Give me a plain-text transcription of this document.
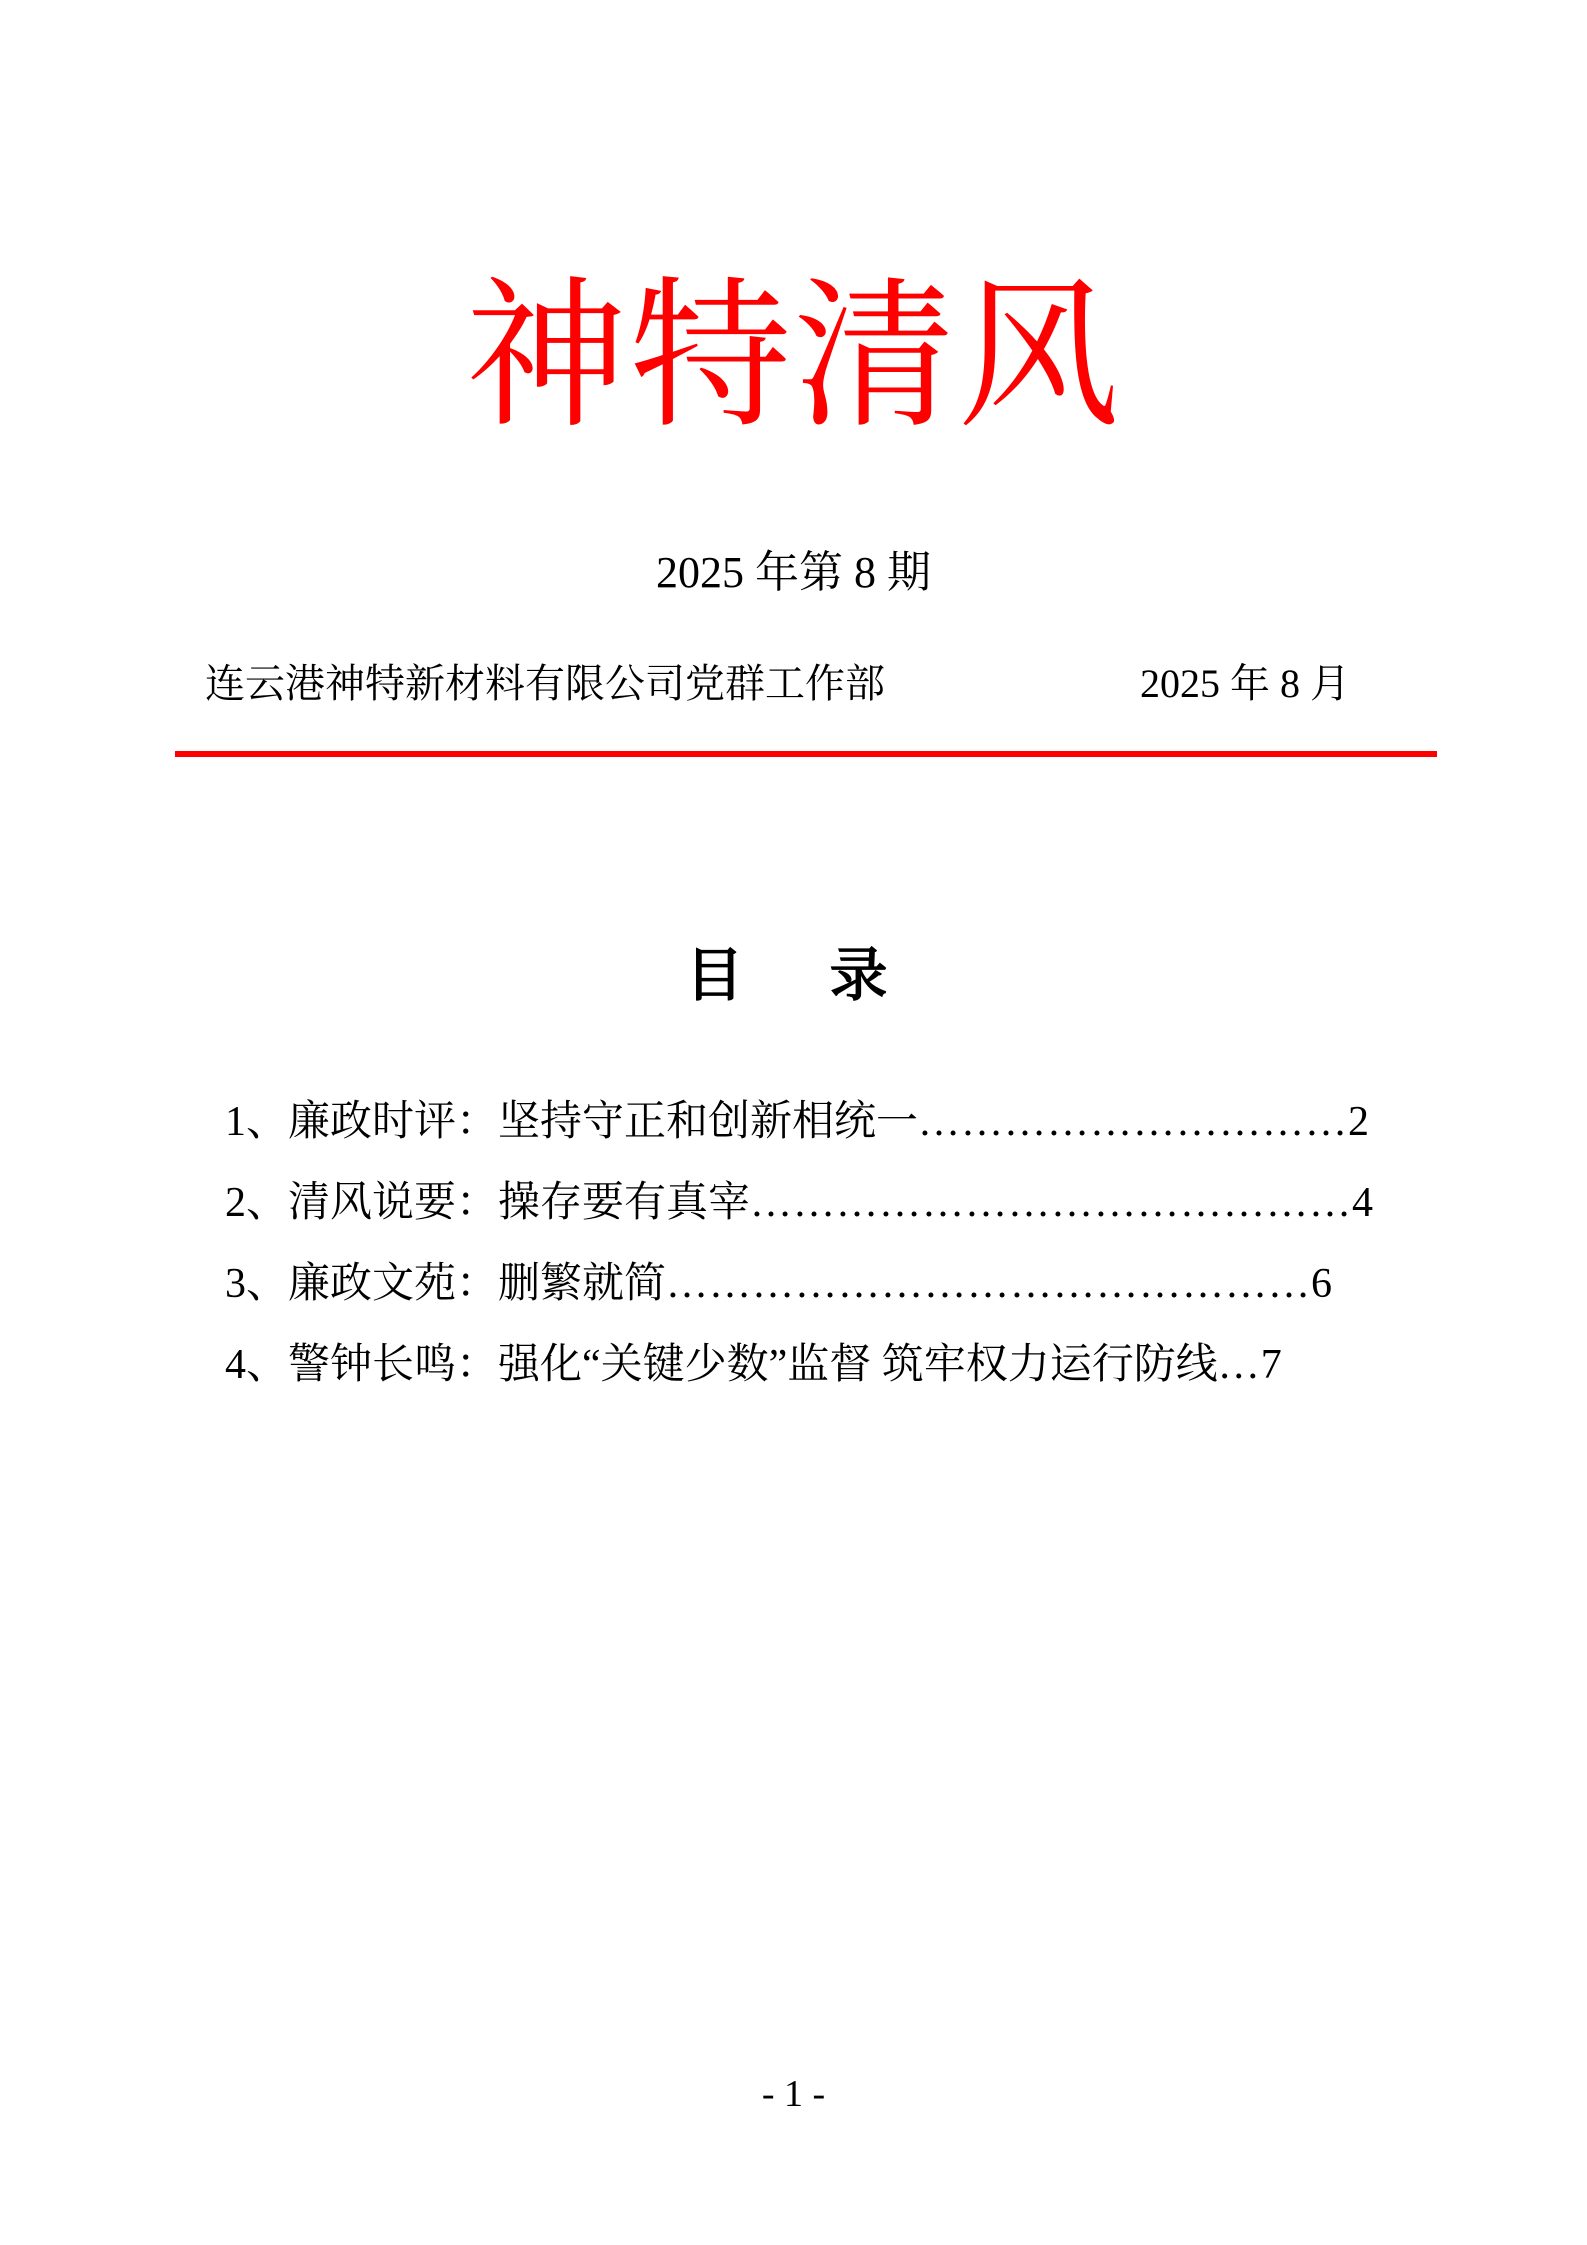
神特清风
2025 年第 8 期
连云港神特新材料有限公司党群工作部	2025 年 8 月
目　录
1、廉政时评：坚持守正和创新相统一…………………………2
2、清风说要：操存要有真宰……………………………………4
3、廉政文苑：删繁就简………………………………………6
4、警钟长鸣：强化“关键少数”监督 筑牢权力运行防线…7
- 1 -
